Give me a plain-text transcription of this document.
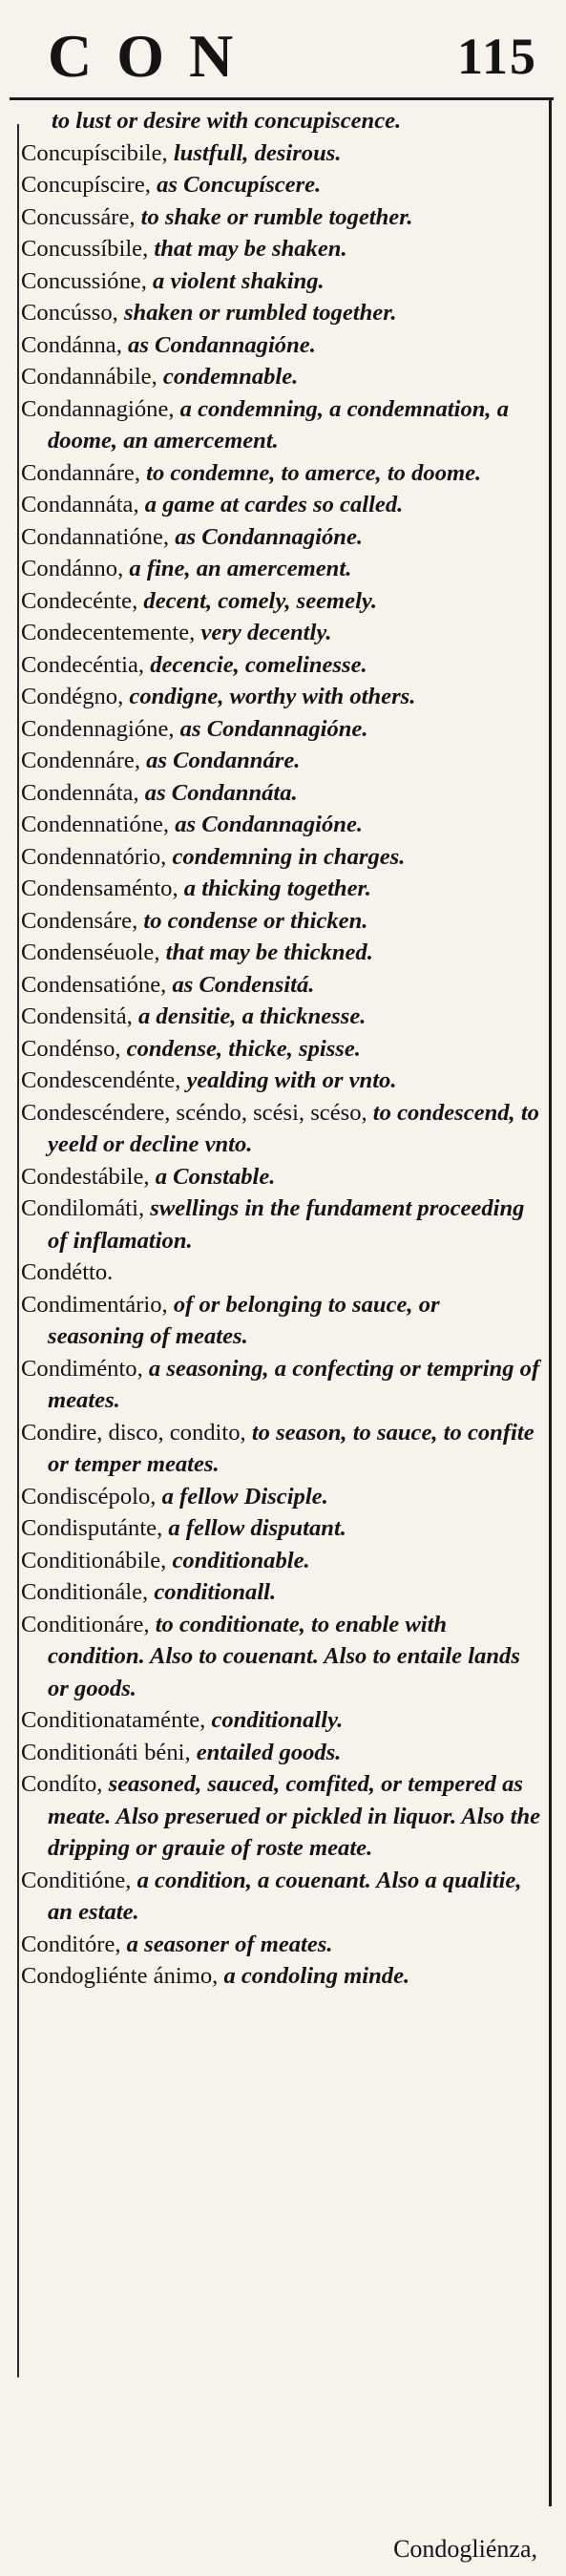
CON	115

to lust or desire with concupiscence.

Concupíscibile, lustfull, desirous.

Concupíscire, as Concupíscere.

Concussáre, to shake or rumble together.

Concussíbile, that may be shaken.

Concussióne, a violent shaking.

Concússo, shaken or rumbled together.

Condánna, as Condannagióne.

Condannábile, condemnable.

Condannagióne, a condemning, a condemnation, a doome, an amercement.

Condannáre, to condemne, to amerce, to doome.

Condannáta, a game at cardes so called.

Condannatióne, as Condannagióne.

Condánno, a fine, an amercement.

Condecénte, decent, comely, seemely.

Condecentemente, very decently.

Condecéntia, decencie, comelinesse.

Condégno, condigne, worthy with others.

Condennagióne, as Condannagióne.

Condennáre, as Condannáre.

Condennáta, as Condannáta.

Condennatióne, as Condannagióne.

Condennatório, condemning in charges.

Condensaménto, a thicking together.

Condensáre, to condense or thicken.

Condenséuole, that may be thickned.

Condensatióne, as Condensitá.

Condensitá, a densitie, a thicknesse.

Condénso, condense, thicke, spisse.

Condescendénte, yealding with or vnto.

Condescéndere, scéndo, scési, scéso, to condescend, to yeeld or decline vnto.

Condestábile, a Constable.

Condilomáti, swellings in the fundament proceeding of inflamation.

Condétto.

Condimentário, of or belonging to sauce, or seasoning of meates.

Condiménto, a seasoning, a confecting or tempring of meates.

Condire, disco, condito, to season, to sauce, to confite or temper meates.

Condiscépolo, a fellow Disciple.

Condisputánte, a fellow disputant.

Conditionábile, conditionable.

Conditionále, conditionall.

Conditionáre, to conditionate, to enable with condition. Also to couenant. Also to entaile lands or goods.

Conditionataménte, conditionally.

Conditionáti béni, entailed goods.

Condíto, seasoned, sauced, comfited, or tempered as meate. Also preserued or pickled in liquor. Also the dripping or grauie of roste meate.

Conditióne, a condition, a couenant. Also a qualitie, an estate.

Conditóre, a seasoner of meates.

Condogliénte ánimo, a condoling minde.

Condogliénza,
